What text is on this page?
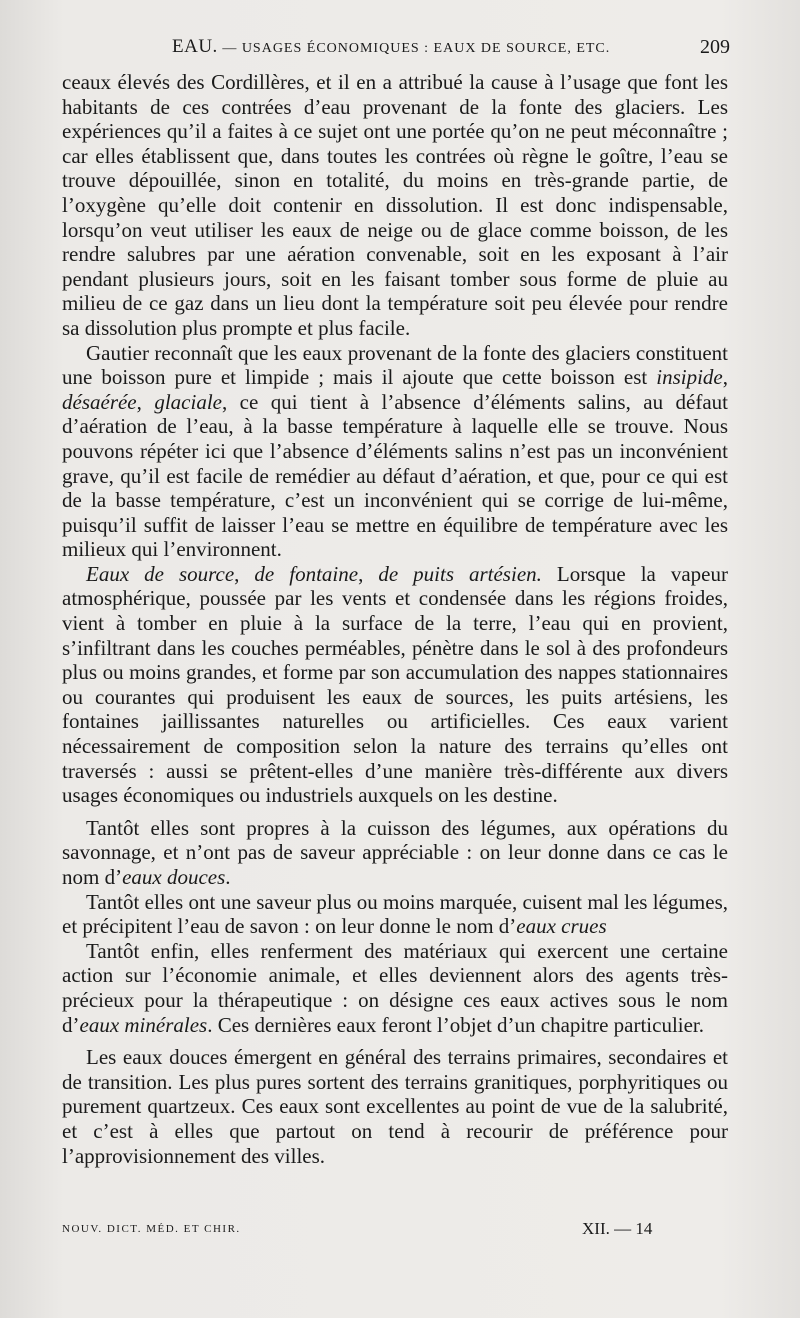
EAU. — USAGES ÉCONOMIQUES : EAUX DE SOURCE, ETC.	209

ceaux élevés des Cordillères, et il en a attribué la cause à l’usage que font les habitants de ces contrées d’eau provenant de la fonte des glaciers. Les expériences qu’il a faites à ce sujet ont une portée qu’on ne peut méconnaître ; car elles établissent que, dans toutes les contrées où règne le goître, l’eau se trouve dépouillée, sinon en totalité, du moins en très-grande partie, de l’oxygène qu’elle doit contenir en dissolution. Il est donc indispensable, lorsqu’on veut utiliser les eaux de neige ou de glace comme boisson, de les rendre salubres par une aération convenable, soit en les exposant à l’air pendant plusieurs jours, soit en les faisant tomber sous forme de pluie au milieu de ce gaz dans un lieu dont la température soit peu élevée pour rendre sa dissolution plus prompte et plus facile.

Gautier reconnaît que les eaux provenant de la fonte des glaciers constituent une boisson pure et limpide ; mais il ajoute que cette boisson est insipide, désaérée, glaciale, ce qui tient à l’absence d’éléments salins, au défaut d’aération de l’eau, à la basse température à laquelle elle se trouve. Nous pouvons répéter ici que l’absence d’éléments salins n’est pas un inconvénient grave, qu’il est facile de remédier au défaut d’aération, et que, pour ce qui est de la basse température, c’est un inconvénient qui se corrige de lui-même, puisqu’il suffit de laisser l’eau se mettre en équilibre de température avec les milieux qui l’environnent.

Eaux de source, de fontaine, de puits artésien. Lorsque la vapeur atmosphérique, poussée par les vents et condensée dans les régions froides, vient à tomber en pluie à la surface de la terre, l’eau qui en provient, s’infiltrant dans les couches perméables, pénètre dans le sol à des profondeurs plus ou moins grandes, et forme par son accumulation des nappes stationnaires ou courantes qui produisent les eaux de sources, les puits artésiens, les fontaines jaillissantes naturelles ou artificielles. Ces eaux varient nécessairement de composition selon la nature des terrains qu’elles ont traversés : aussi se prêtent-elles d’une manière très-différente aux divers usages économiques ou industriels auxquels on les destine.

Tantôt elles sont propres à la cuisson des légumes, aux opérations du savonnage, et n’ont pas de saveur appréciable : on leur donne dans ce cas le nom d’eaux douces.

Tantôt elles ont une saveur plus ou moins marquée, cuisent mal les légumes, et précipitent l’eau de savon : on leur donne le nom d’eaux crues

Tantôt enfin, elles renferment des matériaux qui exercent une certaine action sur l’économie animale, et elles deviennent alors des agents très-précieux pour la thérapeutique : on désigne ces eaux actives sous le nom d’eaux minérales. Ces dernières eaux feront l’objet d’un chapitre particulier.

Les eaux douces émergent en général des terrains primaires, secondaires et de transition. Les plus pures sortent des terrains granitiques, porphyritiques ou purement quartzeux. Ces eaux sont excellentes au point de vue de la salubrité, et c’est à elles que partout on tend à recourir de préférence pour l’approvisionnement des villes.

NOUV. DICT. MÉD. ET CHIR.	XII. — 14
